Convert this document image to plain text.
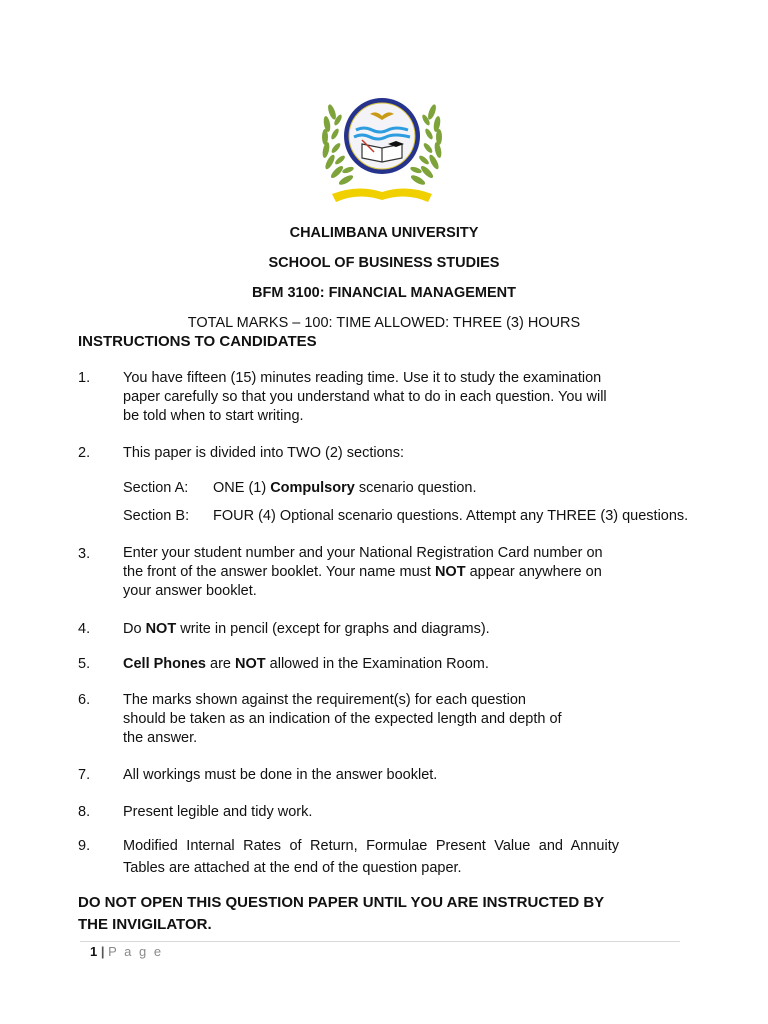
CHALIMBANA UNIVERSITY
SCHOOL OF BUSINESS STUDIES
BFM 3100: FINANCIAL MANAGEMENT
TOTAL MARKS – 100: TIME ALLOWED: THREE (3) HOURS
INSTRUCTIONS TO CANDIDATES
1. You have fifteen (15) minutes reading time. Use it to study the examination
paper carefully so that you understand what to do in each question. You will
be told when to start writing.
2. This paper is divided into TWO (2) sections:
Section A: ONE (1) Compulsory scenario question.
Section B: FOUR (4) Optional scenario questions. Attempt any THREE (3) questions.
3. Enter your student number and your National Registration Card number on
the front of the answer booklet. Your name must NOT appear anywhere on
your answer booklet.
4. Do NOT write in pencil (except for graphs and diagrams).
5. Cell Phones are NOT allowed in the Examination Room.
6. The marks shown against the requirement(s) for each question
should be taken as an indication of the expected length and depth of
the answer.
7. All workings must be done in the answer booklet.
8. Present legible and tidy work.
9. Modified Internal Rates of Return, Formulae Present Value and Annuity
Tables are attached at the end of the question paper.
DO NOT OPEN THIS QUESTION PAPER UNTIL YOU ARE INSTRUCTED BY
THE INVIGILATOR.
1 | P a g e
